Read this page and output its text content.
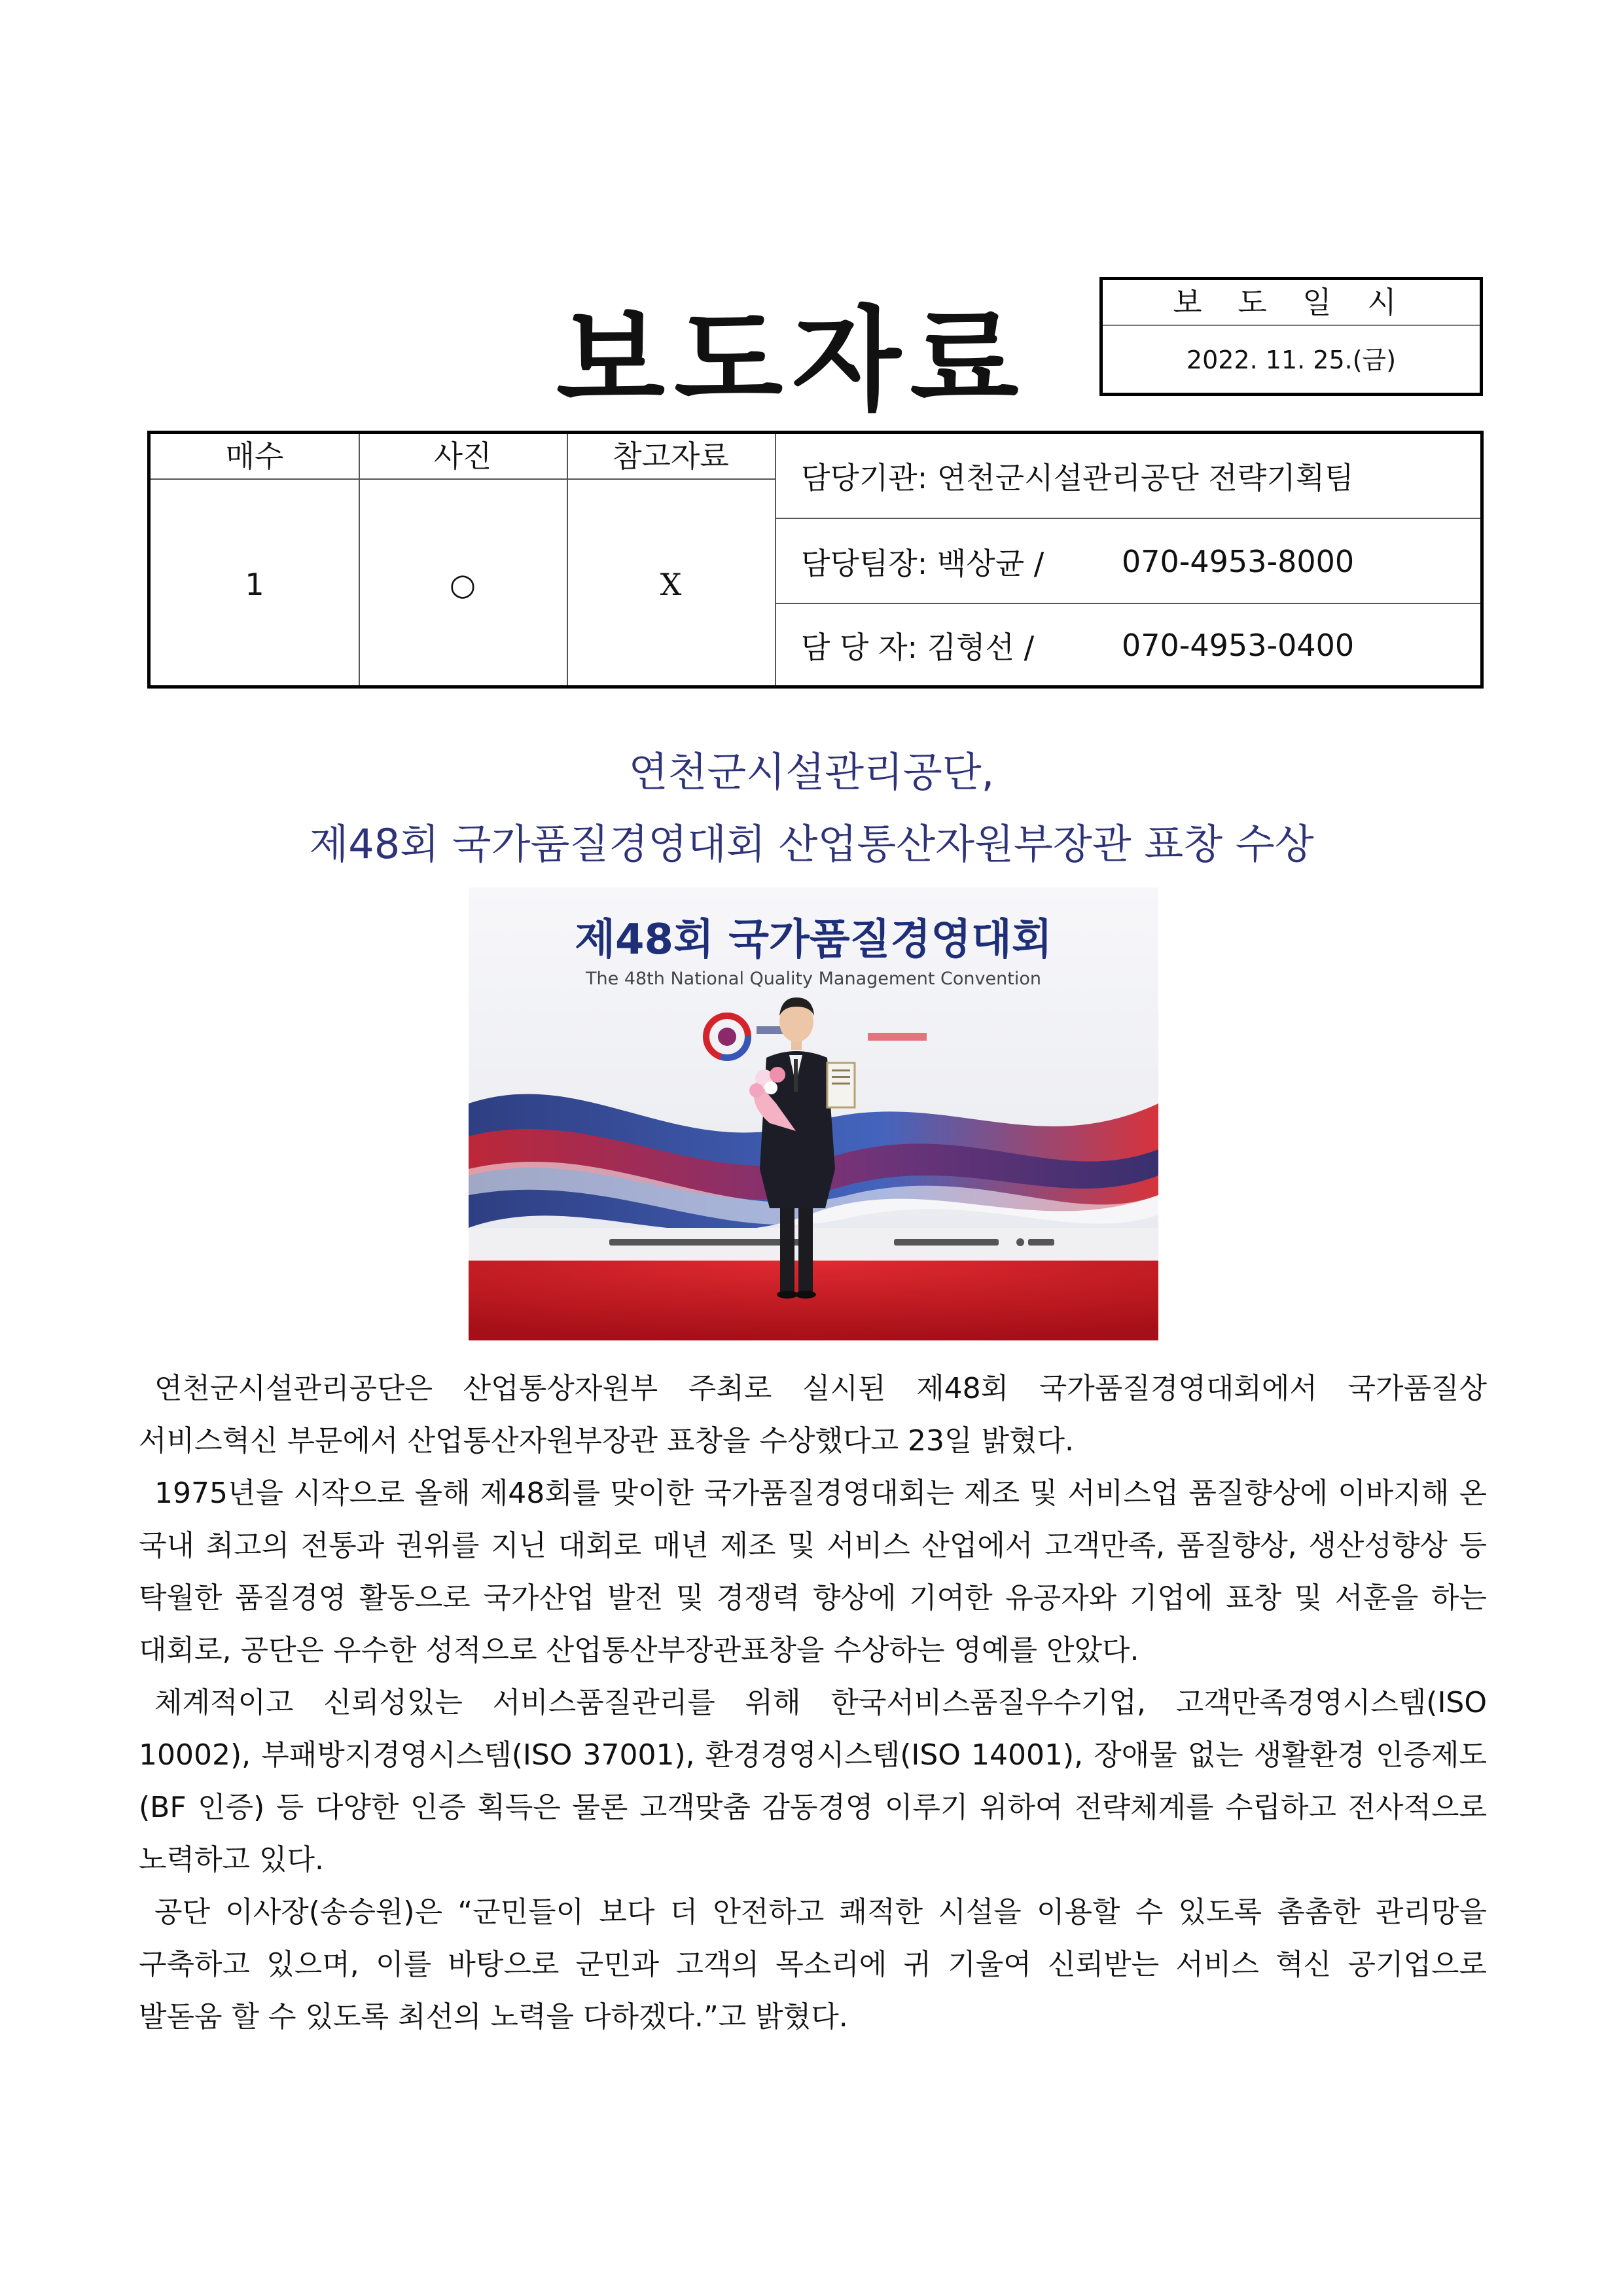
보도자료	보 도 일 시
2022. 11. 25.(금)
매수	사진	참고자료
1	○	X
담당기관: 연천군시설관리공단 전략기획팀
담당팀장: 백상균 /	070-4953-8000
담 당 자: 김형선 /	070-4953-0400
연천군시설관리공단,
제48회 국가품질경영대회 산업통산자원부장관 표창 수상
제48회 국가품질경영대회
The 48th National Quality Management Convention

연천군시설관리공단은 산업통상자원부 주최로 실시된 제48회 국가품질경영대회에서 국가품질상 서비스혁신 부문에서 산업통산자원부장관 표창을 수상했다고 23일 밝혔다.

1975년을 시작으로 올해 제48회를 맞이한 국가품질경영대회는 제조 및 서비스업 품질향상에 이바지해 온 국내 최고의 전통과 권위를 지닌 대회로 매년 제조 및 서비스 산업에서 고객만족, 품질향상, 생산성향상 등 탁월한 품질경영 활동으로 국가산업 발전 및 경쟁력 향상에 기여한 유공자와 기업에 표창 및 서훈을 하는 대회로, 공단은 우수한 성적으로 산업통산부장관표창을 수상하는 영예를 안았다.

체계적이고 신뢰성있는 서비스품질관리를 위해 한국서비스품질우수기업, 고객만족경영시스템(ISO 10002), 부패방지경영시스템(ISO 37001), 환경경영시스템(ISO 14001), 장애물 없는 생활환경 인증제도(BF 인증) 등 다양한 인증 획득은 물론 고객맞춤 감동경영 이루기 위하여 전략체계를 수립하고 전사적으로 노력하고 있다.

공단 이사장(송승원)은 “군민들이 보다 더 안전하고 쾌적한 시설을 이용할 수 있도록 촘촘한 관리망을 구축하고 있으며, 이를 바탕으로 군민과 고객의 목소리에 귀 기울여 신뢰받는 서비스 혁신 공기업으로 발돋움 할 수 있도록 최선의 노력을 다하겠다.”고 밝혔다.
